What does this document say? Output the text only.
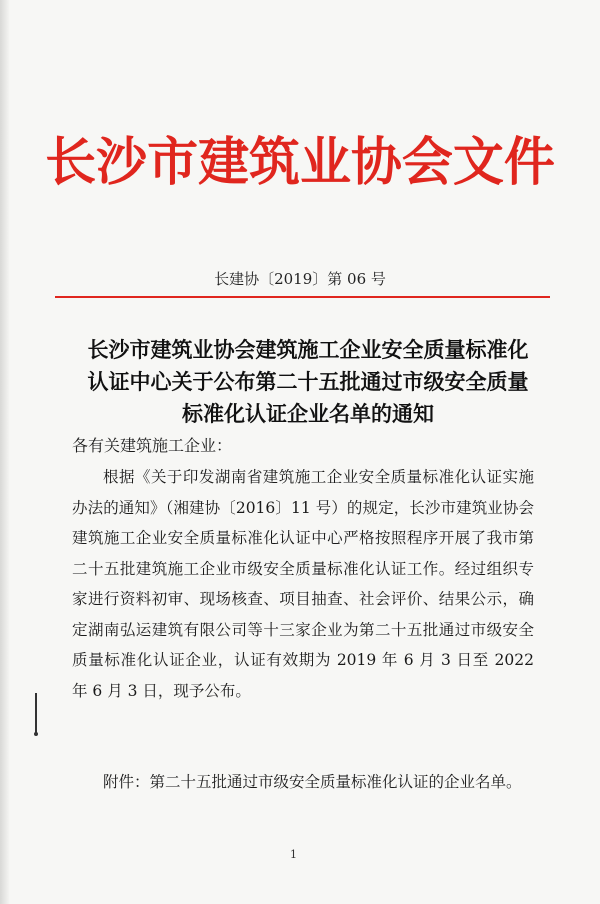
长沙市建筑业协会文件
长建协〔2019〕第 06 号
长沙市建筑业协会建筑施工企业安全质量标准化认证中心关于公布第二十五批通过市级安全质量标准化认证企业名单的通知
各有关建筑施工企业：
根据《关于印发湖南省建筑施工企业安全质量标准化认证实施办法的通知》（湘建协〔2016〕11 号）的规定，长沙市建筑业协会建筑施工企业安全质量标准化认证中心严格按照程序开展了我市第二十五批建筑施工企业市级安全质量标准化认证工作。经过组织专家进行资料初审、现场核查、项目抽查、社会评价、结果公示，确定湖南弘运建筑有限公司等十三家企业为第二十五批通过市级安全质量标准化认证企业，认证有效期为 2019 年 6 月 3 日至 2022 年 6 月 3 日，现予公布。
附件：第二十五批通过市级安全质量标准化认证的企业名单。
1
